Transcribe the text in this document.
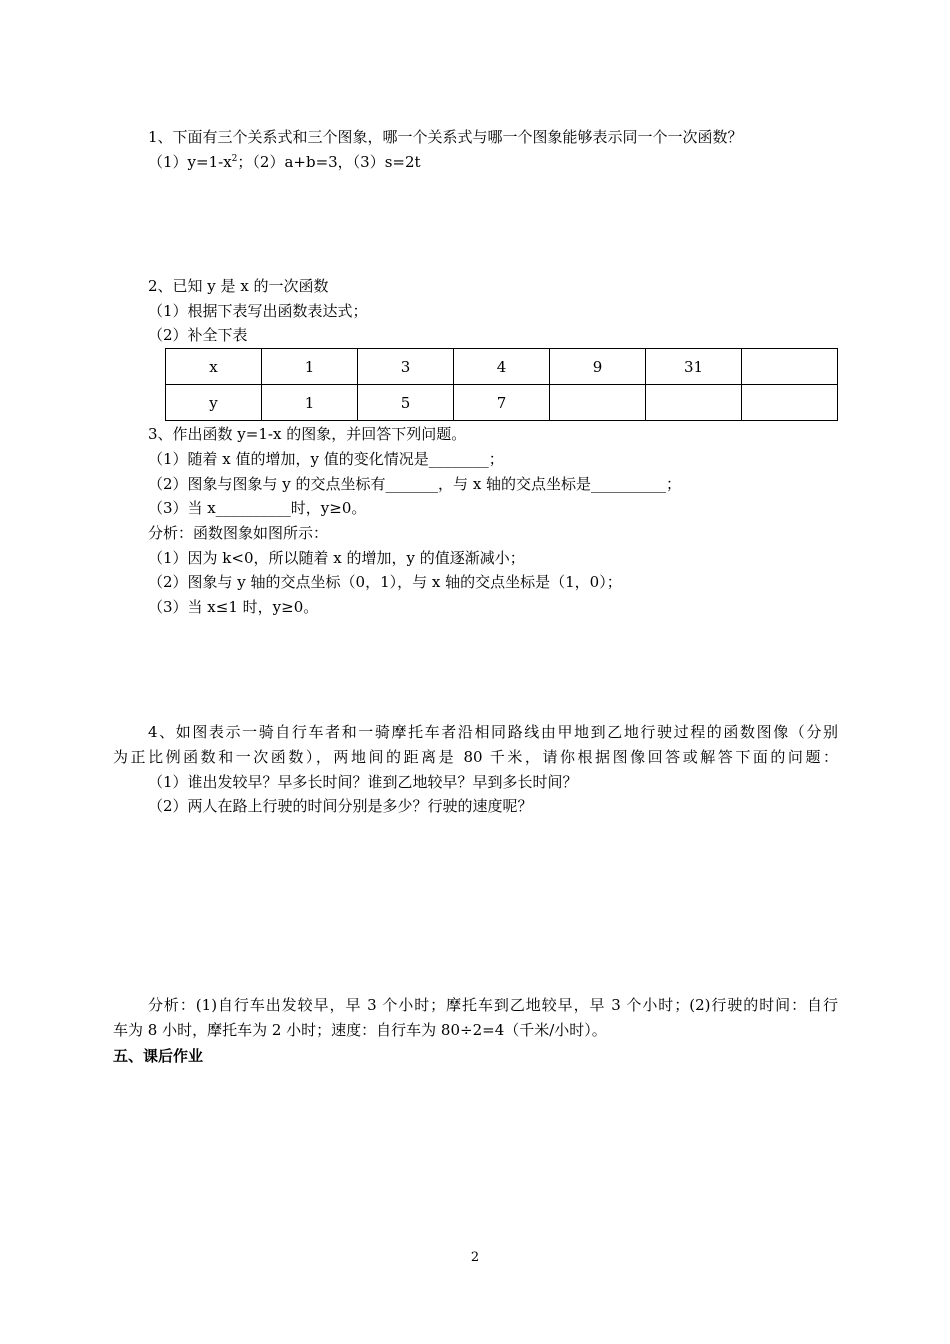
1、下面有三个关系式和三个图象，哪一个关系式与哪一个图象能够表示同一个一次函数？
$(1)y=1-x^2$；（2）a+b=3，（3）s=2t
2、已知 y 是 x 的一次函数
（1）根据下表写出函数表达式；
（2）补全下表
x	1	3	4	9	31	
y	1	5	7			
3、作出函数 y=1-x 的图象，并回答下列问题。
（1）随着 x 值的增加，y 值的变化情况是________；
（2）图象与图象与 y 的交点坐标有_______，与 x 轴的交点坐标是__________；
（3）当 x__________时，y≥0。
分析：函数图象如图所示：
（1）因为 k<0，所以随着 x 的增加，y 的值逐渐减小；
（2）图象与 y 轴的交点坐标（0，1），与 x 轴的交点坐标是（1，0）；
（3）当 x≤1 时，y≥0。
4、如图表示一骑自行车者和一骑摩托车者沿相同路线由甲地到乙地行驶过程的函数图像（分别
为正比例函数和一次函数），两地间的距离是 80 千米，请你根据图像回答或解答下面的问题：
（1）谁出发较早？早多长时间？谁到乙地较早？早到多长时间？
（2）两人在路上行驶的时间分别是多少？行驶的速度呢？
分析：(1)自行车出发较早，早 3 个小时；摩托车到乙地较早，早 3 个小时；(2)行驶的时间：自行
车为 8 小时，摩托车为 2 小时；速度：自行车为 80÷2=4（千米/小时）。
五、课后作业
2
